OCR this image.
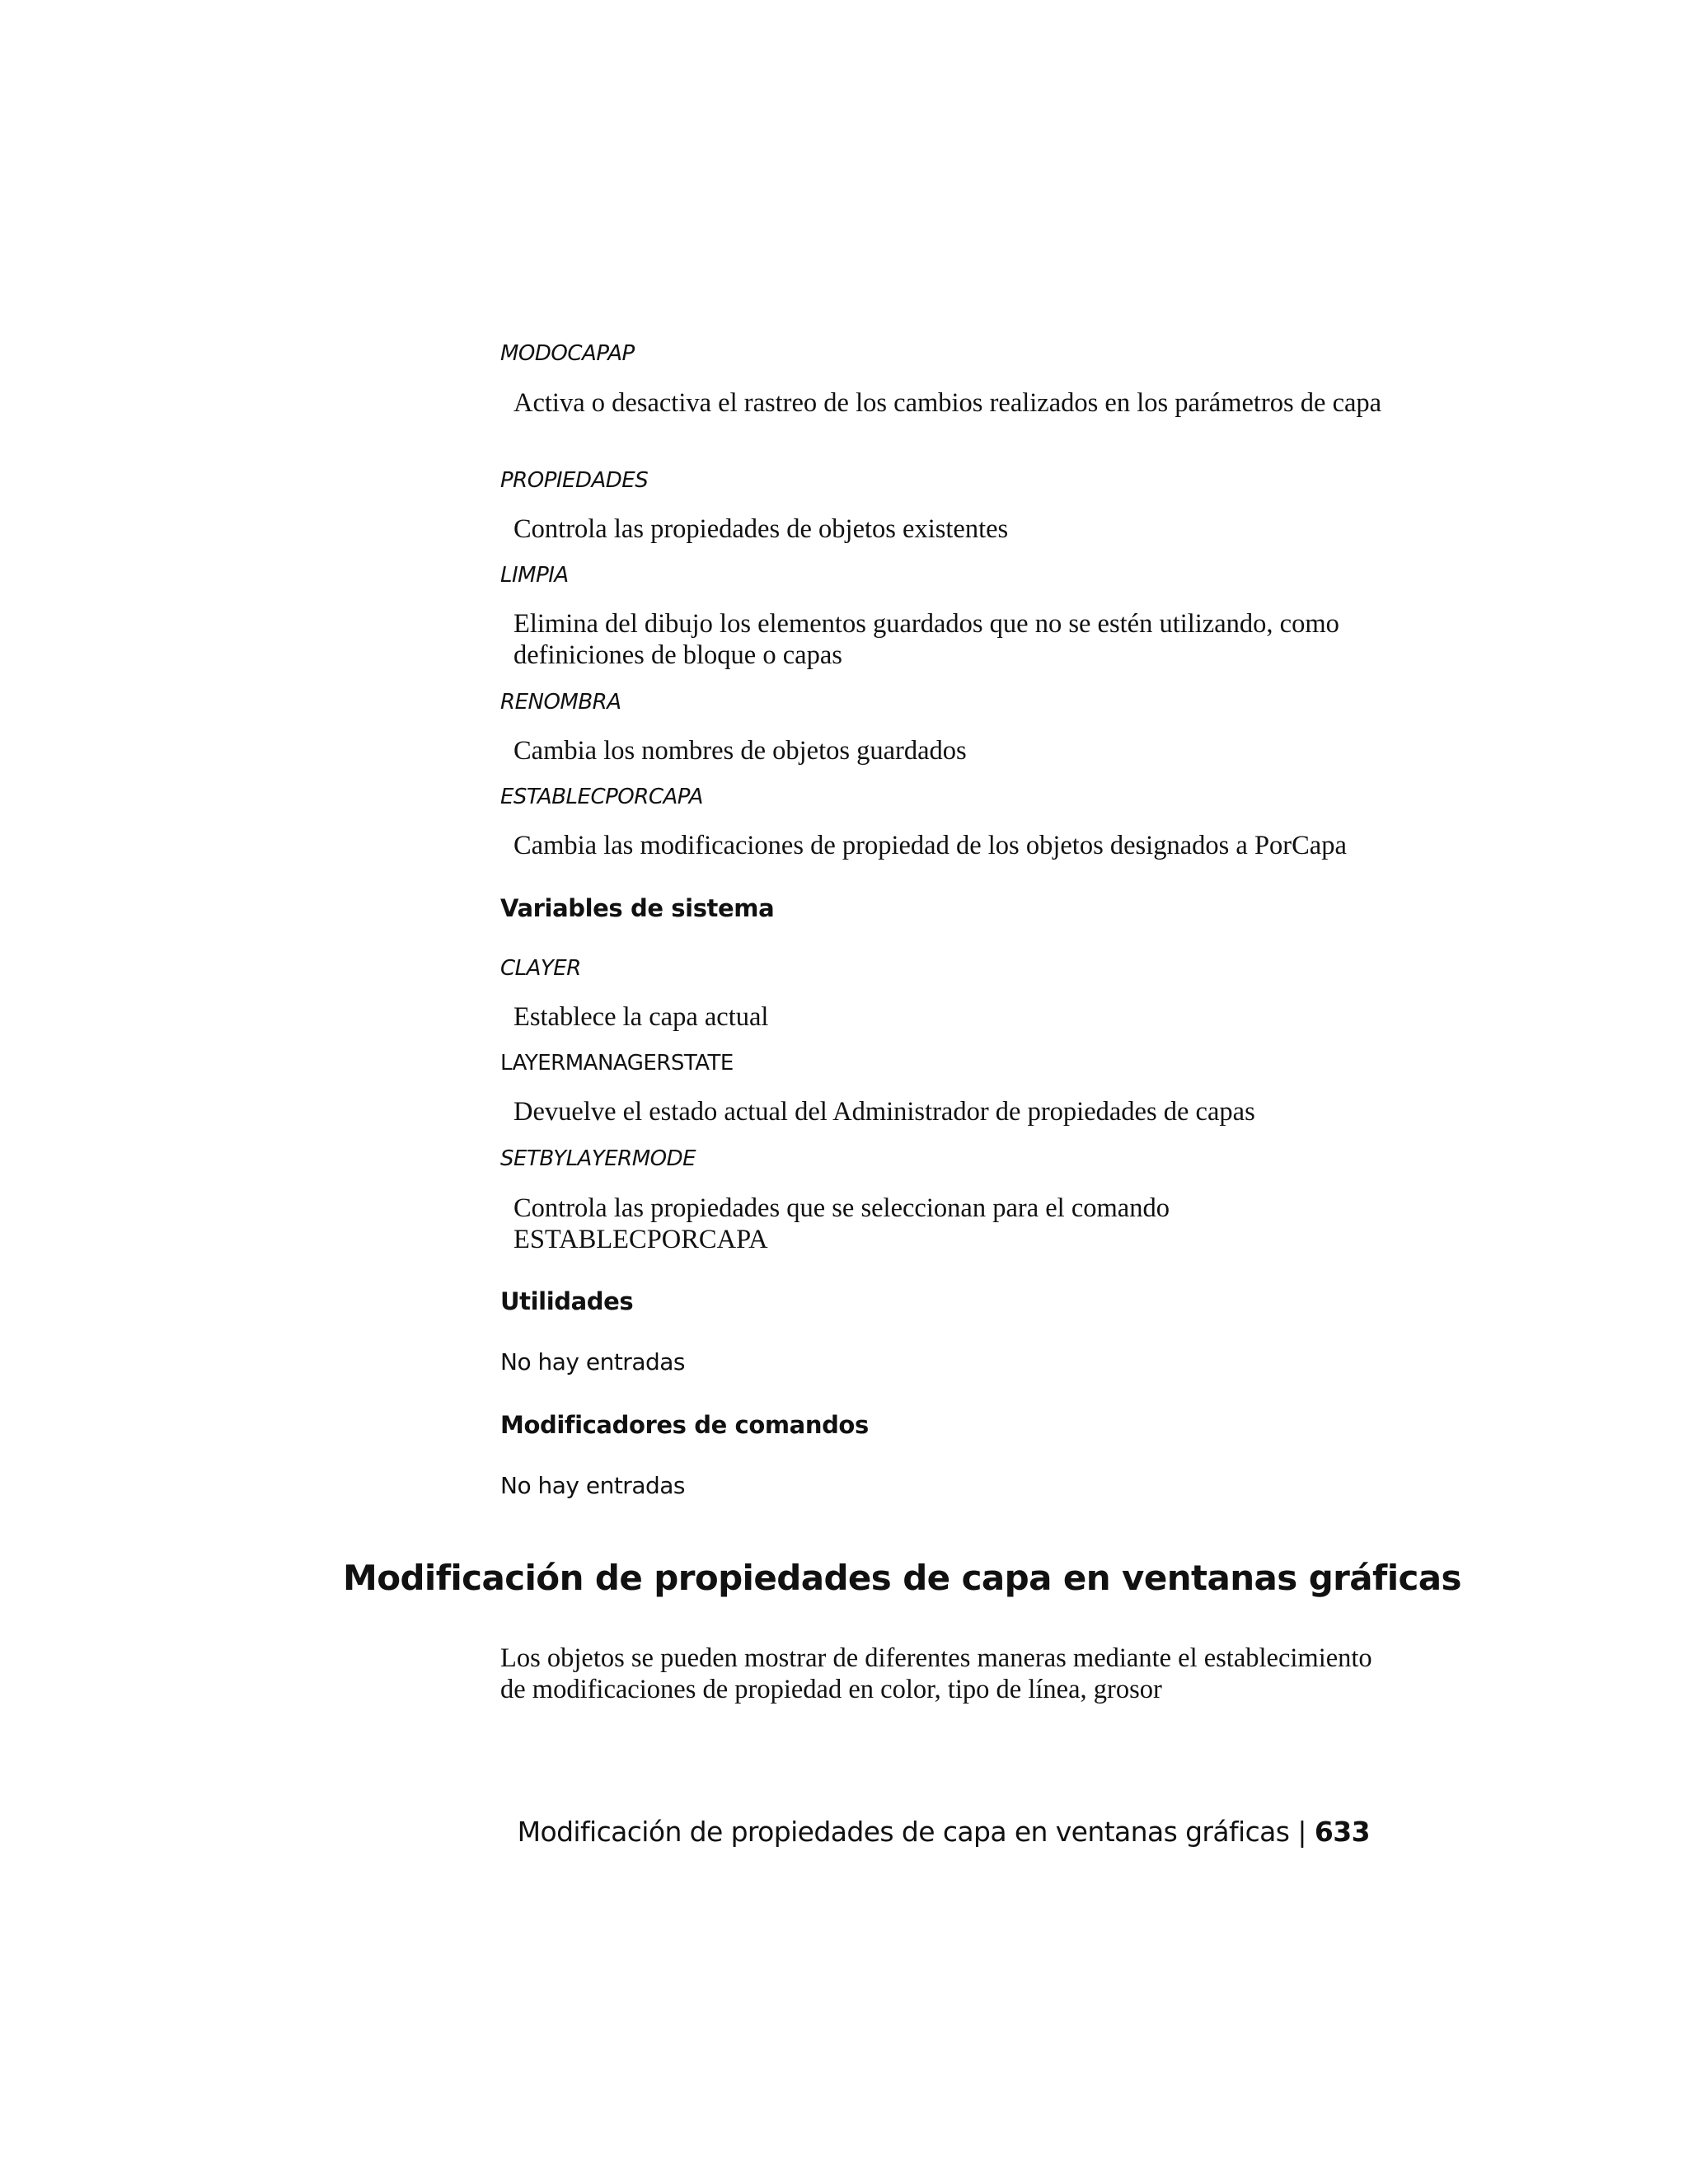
MODOCAPAP
Activa o desactiva el rastreo de los cambios realizados en los parámetros de capa
PROPIEDADES
Controla las propiedades de objetos existentes
LIMPIA
Elimina del dibujo los elementos guardados que no se estén utilizando, como definiciones de bloque o capas
RENOMBRA
Cambia los nombres de objetos guardados
ESTABLECPORCAPA
Cambia las modificaciones de propiedad de los objetos designados a PorCapa
Variables de sistema
CLAYER
Establece la capa actual
LAYERMANAGERSTATE
Devuelve el estado actual del Administrador de propiedades de capas
SETBYLAYERMODE
Controla las propiedades que se seleccionan para el comando ESTABLECPORCAPA
Utilidades
No hay entradas
Modificadores de comandos
No hay entradas
Modificación de propiedades de capa en ventanas gráficas
Los objetos se pueden mostrar de diferentes maneras mediante el establecimiento de modificaciones de propiedad en color, tipo de línea, grosor
Modificación de propiedades de capa en ventanas gráficas | 633
